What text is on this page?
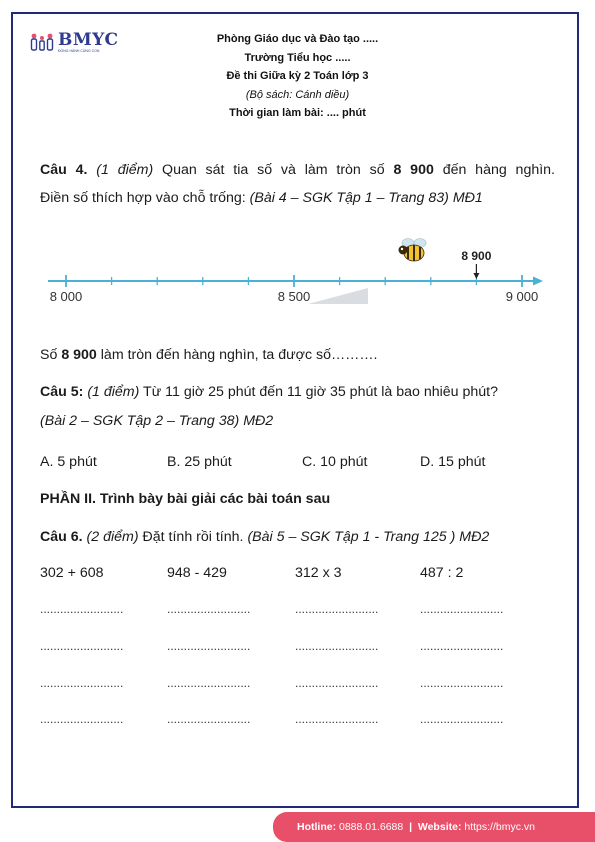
BMYC
ĐỒNG HÀNH CÙNG CON
Phòng Giáo dục và Đào tạo .....
Trường Tiểu học .....
Đề thi Giữa kỳ 2 Toán lớp 3
(Bộ sách: Cánh diều)
Thời gian làm bài: .... phút
Câu 4. (1 điểm) Quan sát tia số và làm tròn số 8 900 đến hàng nghìn.
Điền số thích hợp vào chỗ trống: (Bài 4 – SGK Tập 1 – Trang 83) MĐ1
8 000	8 500	9 000
8 900
Số 8 900 làm tròn đến hàng nghìn, ta được số……….
Câu 5: (1 điểm) Từ 11 giờ 25 phút đến 11 giờ 35 phút là bao nhiêu phút?
(Bài 2 – SGK Tập 2 – Trang 38) MĐ2
A. 5 phút	B. 25 phút	C. 10 phút	D. 15 phút
PHẦN II. Trình bày bài giải các bài toán sau
Câu 6. (2 điểm) Đặt tính rồi tính. (Bài 5 – SGK Tập 1 - Trang 125 ) MĐ2
302 + 608	948 - 429	312 x 3	487 : 2
.........................	.........................	.........................	.........................
.........................	.........................	.........................	.........................
.........................	.........................	.........................	.........................
.........................	.........................	.........................	.........................
Hotline: 0888.01.6688 | Website: https://bmyc.vn
